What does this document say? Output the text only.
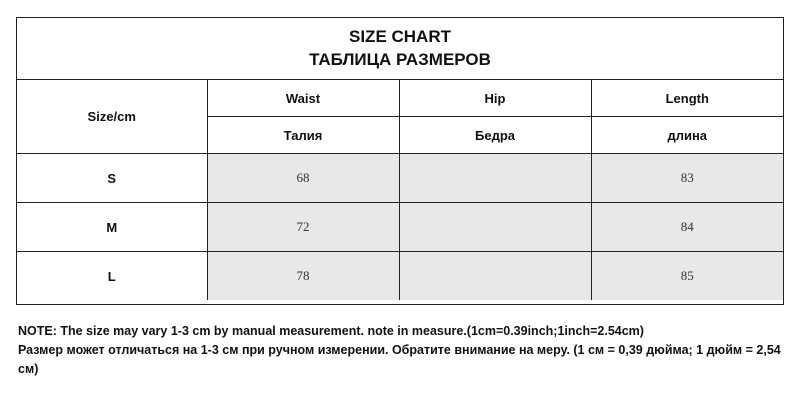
SIZE CHART
ТАБЛИЦА РАЗМЕРОВ
Size/cm	Waist	Hip	Length
	Талия	Бедра	длина
S	68		83
M	72		84
L	78		85

NOTE: The size may vary 1-3 cm by manual measurement. note in measure.(1cm=0.39inch;1inch=2.54cm)

Размер может отличаться на 1-3 см при ручном измерении. Обратите внимание на меру. (1 см = 0,39 дюйма; 1 дюйм = 2,54 см)
